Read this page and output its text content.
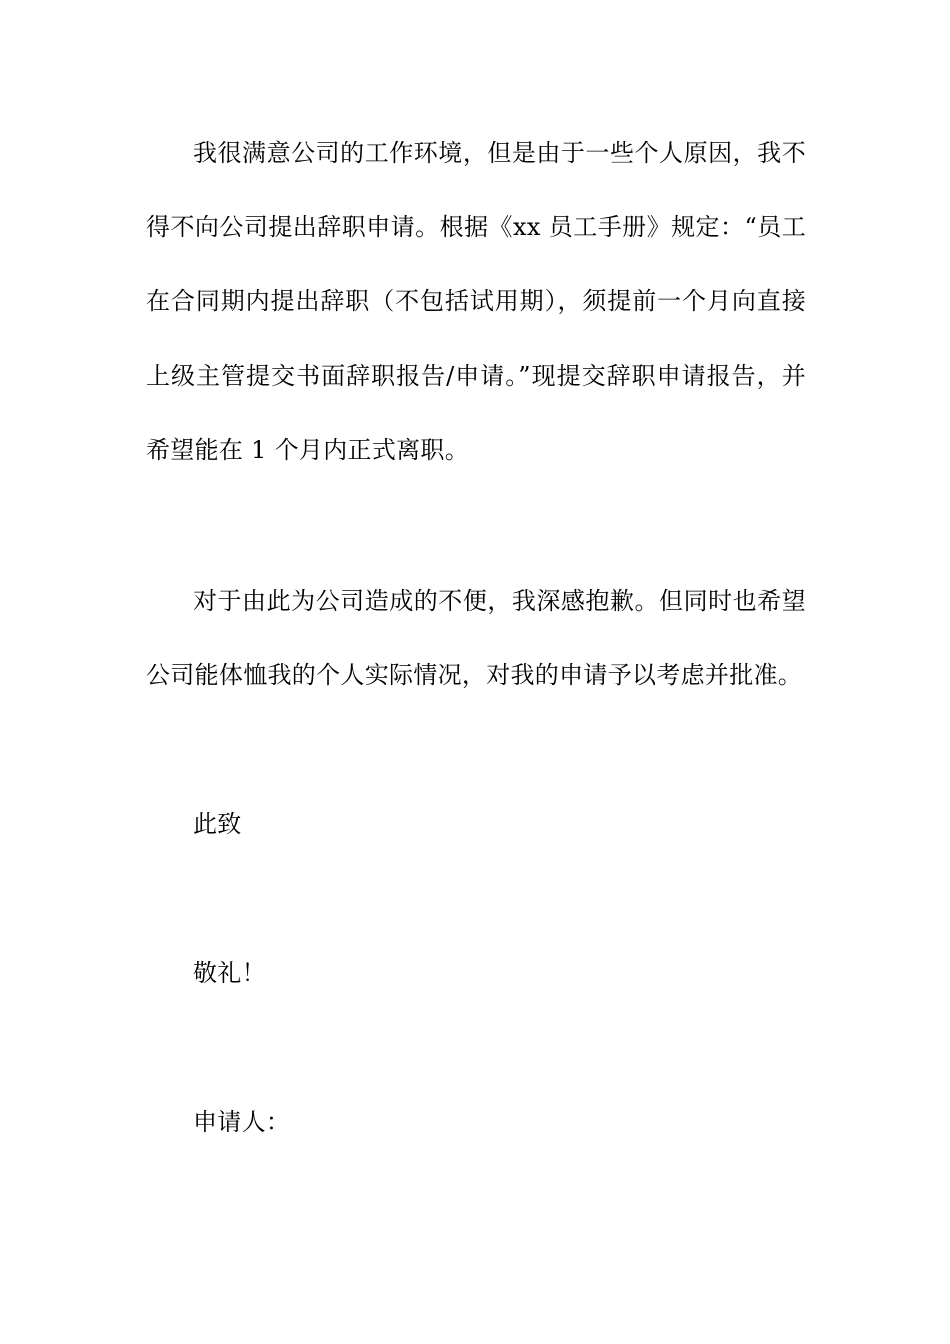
我很满意公司的工作环境，但是由于一些个人原因，我不
得不向公司提出辞职申请。根据《xx 员工手册》规定：“员工
在合同期内提出辞职（不包括试用期），须提前一个月向直接
上级主管提交书面辞职报告/申请。”现提交辞职申请报告，并
希望能在 1 个月内正式离职。
对于由此为公司造成的不便，我深感抱歉。但同时也希望
公司能体恤我的个人实际情况，对我的申请予以考虑并批准。
此致
敬礼！
申请人：
